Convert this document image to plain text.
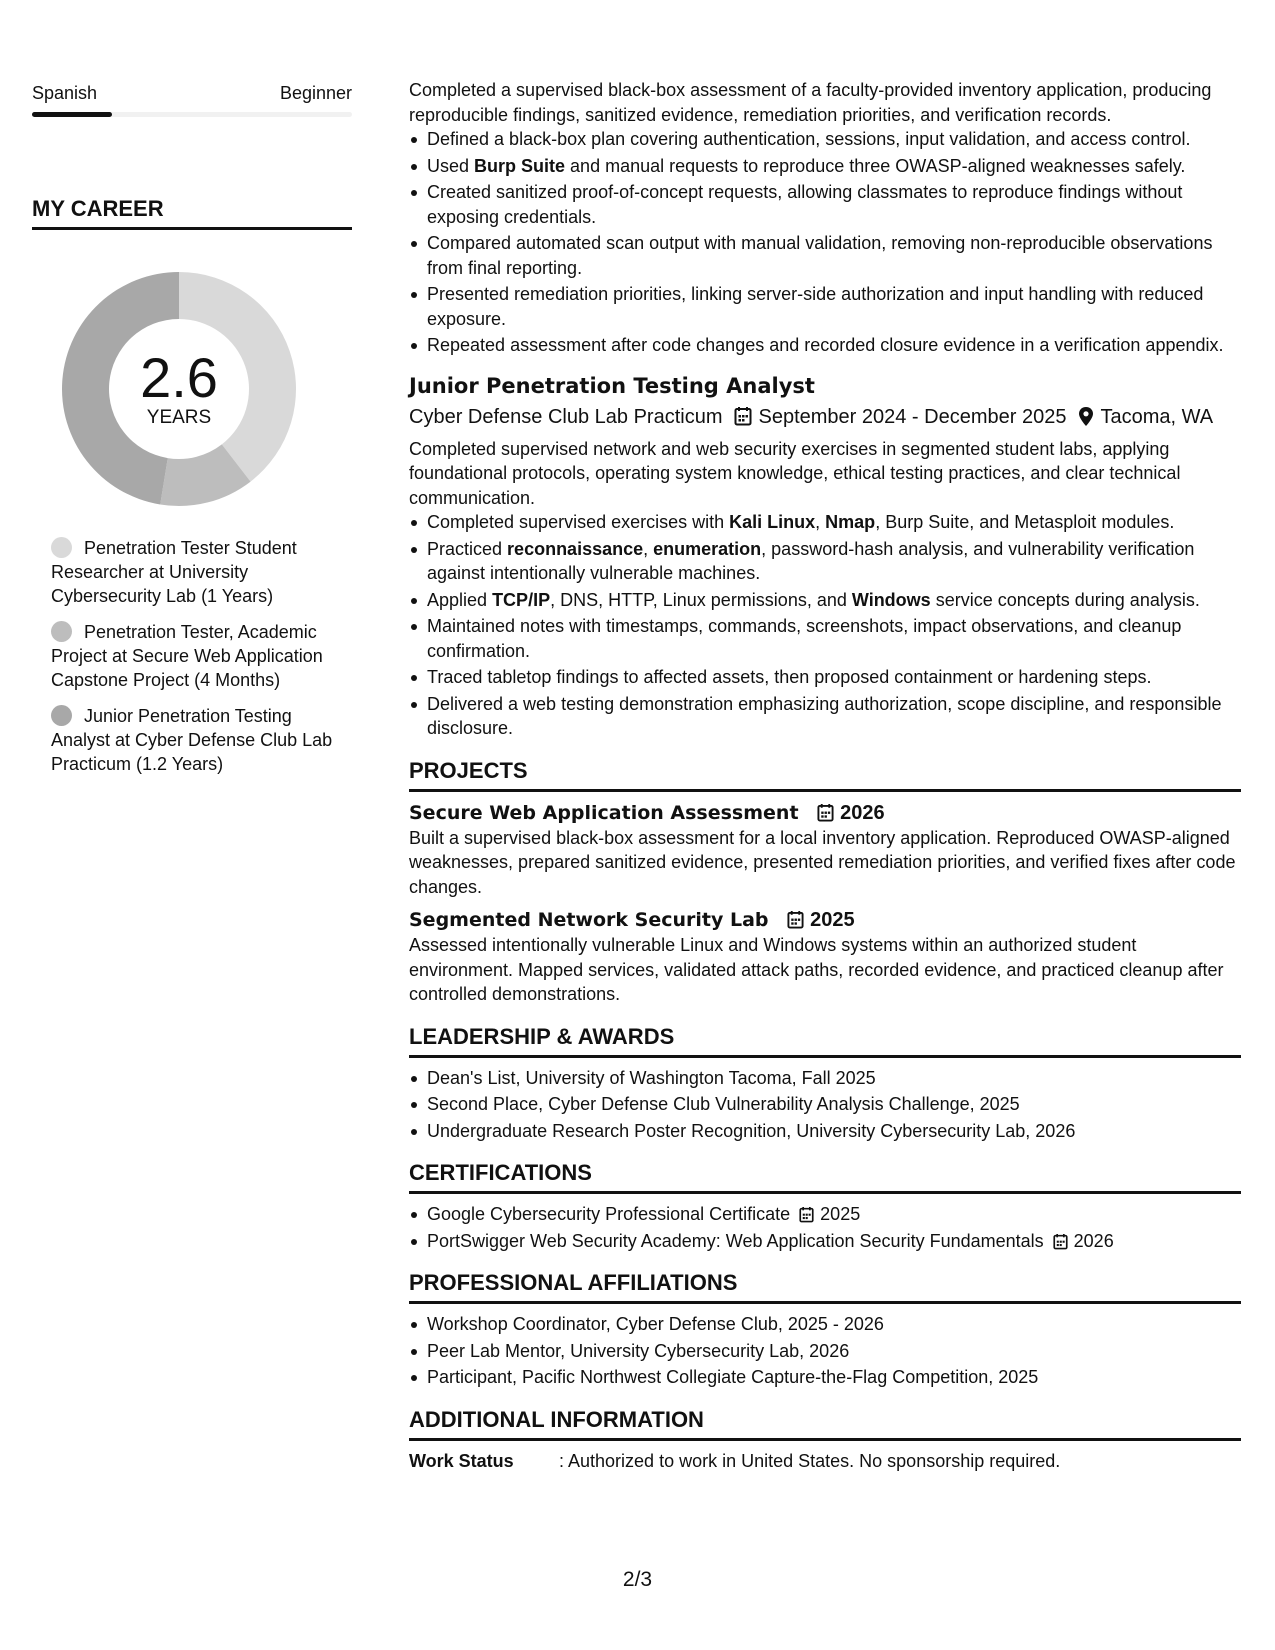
Spanish	Beginner
MY CAREER
2.6
YEARS
Penetration Tester Student Researcher at University Cybersecurity Lab (1 Years)
Penetration Tester, Academic Project at Secure Web Application Capstone Project (4 Months)
Junior Penetration Testing Analyst at Cyber Defense Club Lab Practicum (1.2 Years)

Completed a supervised black-box assessment of a faculty-provided inventory application, producing reproducible findings, sanitized evidence, remediation priorities, and verification records.

Defined a black-box plan covering authentication, sessions, input validation, and access control.
Used Burp Suite and manual requests to reproduce three OWASP-aligned weaknesses safely.
Created sanitized proof-of-concept requests, allowing classmates to reproduce findings without exposing credentials.
Compared automated scan output with manual validation, removing non-reproducible observations from final reporting.
Presented remediation priorities, linking server-side authorization and input handling with reduced exposure.
Repeated assessment after code changes and recorded closure evidence in a verification appendix.
Junior Penetration Testing Analyst
Cyber Defense Club Lab Practicum September 2024 - December 2025 Tacoma, WA

Completed supervised network and web security exercises in segmented student labs, applying foundational protocols, operating system knowledge, ethical testing practices, and clear technical communication.

Completed supervised exercises with Kali Linux, Nmap, Burp Suite, and Metasploit modules.
Practiced reconnaissance, enumeration, password-hash analysis, and vulnerability verification against intentionally vulnerable machines.
Applied TCP/IP, DNS, HTTP, Linux permissions, and Windows service concepts during analysis.
Maintained notes with timestamps, commands, screenshots, impact observations, and cleanup confirmation.
Traced tabletop findings to affected assets, then proposed containment or hardening steps.
Delivered a web testing demonstration emphasizing authorization, scope discipline, and responsible disclosure.
PROJECTS
Secure Web Application Assessment 2026

Built a supervised black-box assessment for a local inventory application. Reproduced OWASP-aligned weaknesses, prepared sanitized evidence, presented remediation priorities, and verified fixes after code changes.

Segmented Network Security Lab 2025

Assessed intentionally vulnerable Linux and Windows systems within an authorized student environment. Mapped services, validated attack paths, recorded evidence, and practiced cleanup after controlled demonstrations.

LEADERSHIP & AWARDS
Dean's List, University of Washington Tacoma, Fall 2025
Second Place, Cyber Defense Club Vulnerability Analysis Challenge, 2025
Undergraduate Research Poster Recognition, University Cybersecurity Lab, 2026
CERTIFICATIONS
Google Cybersecurity Professional Certificate 2025
PortSwigger Web Security Academy: Web Application Security Fundamentals 2026
PROFESSIONAL AFFILIATIONS
Workshop Coordinator, Cyber Defense Club, 2025 - 2026
Peer Lab Mentor, University Cybersecurity Lab, 2026
Participant, Pacific Northwest Collegiate Capture-the-Flag Competition, 2025
ADDITIONAL INFORMATION
Work Status	: Authorized to work in United States. No sponsorship required.
2/3
